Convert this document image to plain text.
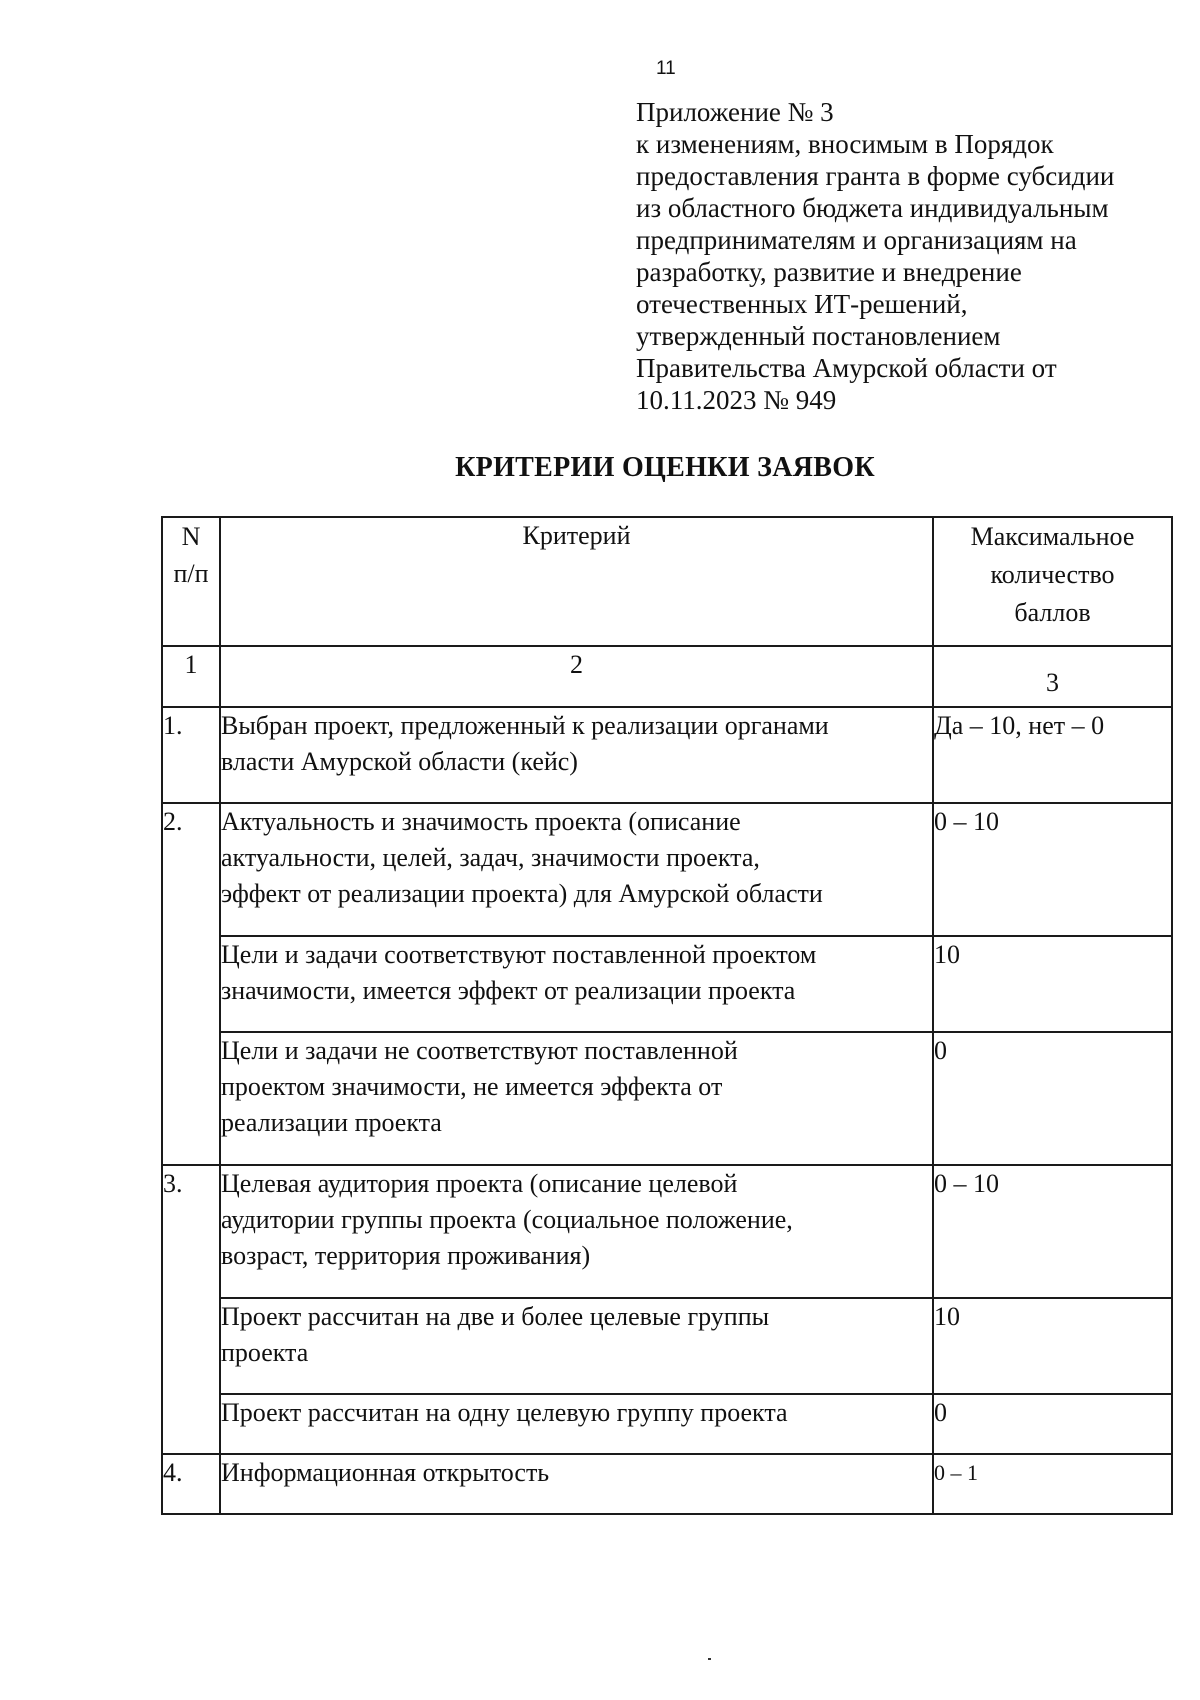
11
Приложение № 3
к изменениям, вносимым в Порядок
предоставления гранта в форме субсидии
из областного бюджета индивидуальным
предпринимателям и организациям на
разработку, развитие и внедрение
отечественных ИТ-решений,
утвержденный постановлением
Правительства Амурской области от
10.11.2023 № 949
КРИТЕРИИ ОЦЕНКИ ЗАЯВОК
N
п/п	Критерий	Максимальное
количество
баллов

1	2	3
1.	Выбран проект, предложенный к реализации органами
власти Амурской области (кейс)	Да – 10, нет – 0
2.	Актуальность и значимость проекта (описание
актуальности, целей, задач, значимости проекта,
эффект от реализации проекта) для Амурской области	0 – 10

	Цели и задачи соответствуют поставленной проектом
значимости, имеется эффект от реализации проекта	10

	Цели и задачи не соответствуют поставленной
проектом значимости, не имеется эффекта от
реализации проекта	0
3.	Целевая аудитория проекта (описание целевой
аудитории группы проекта (социальное положение,
возраст, территория проживания)	0 – 10

	Проект рассчитан на две и более целевые группы
проекта	10

	Проект рассчитан на одну целевую группу проекта	0
4.	Информационная открытость	0 – 1
